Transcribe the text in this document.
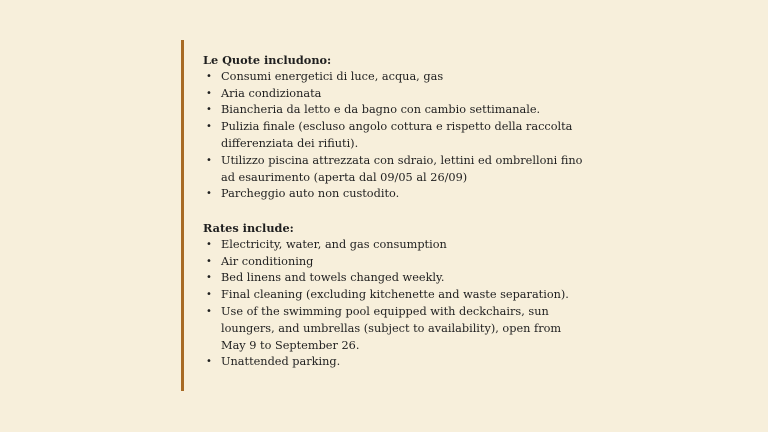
Le Quote includono:

• Consumi energetici di luce, acqua, gas
• Aria condizionata
• Biancheria da letto e da bagno con cambio settimanale.
• Pulizia finale (escluso angolo cottura e rispetto della raccolta differenziata dei rifiuti).
• Utilizzo piscina attrezzata con sdraio, lettini ed ombrelloni fino ad esaurimento (aperta dal 09/05 al 26/09)
• Parcheggio auto non custodito.

Rates include:

• Electricity, water, and gas consumption
• Air conditioning
• Bed linens and towels changed weekly.
• Final cleaning (excluding kitchenette and waste separation).
• Use of the swimming pool equipped with deckchairs, sun loungers, and umbrellas (subject to availability), open from May 9 to September 26.
• Unattended parking.
